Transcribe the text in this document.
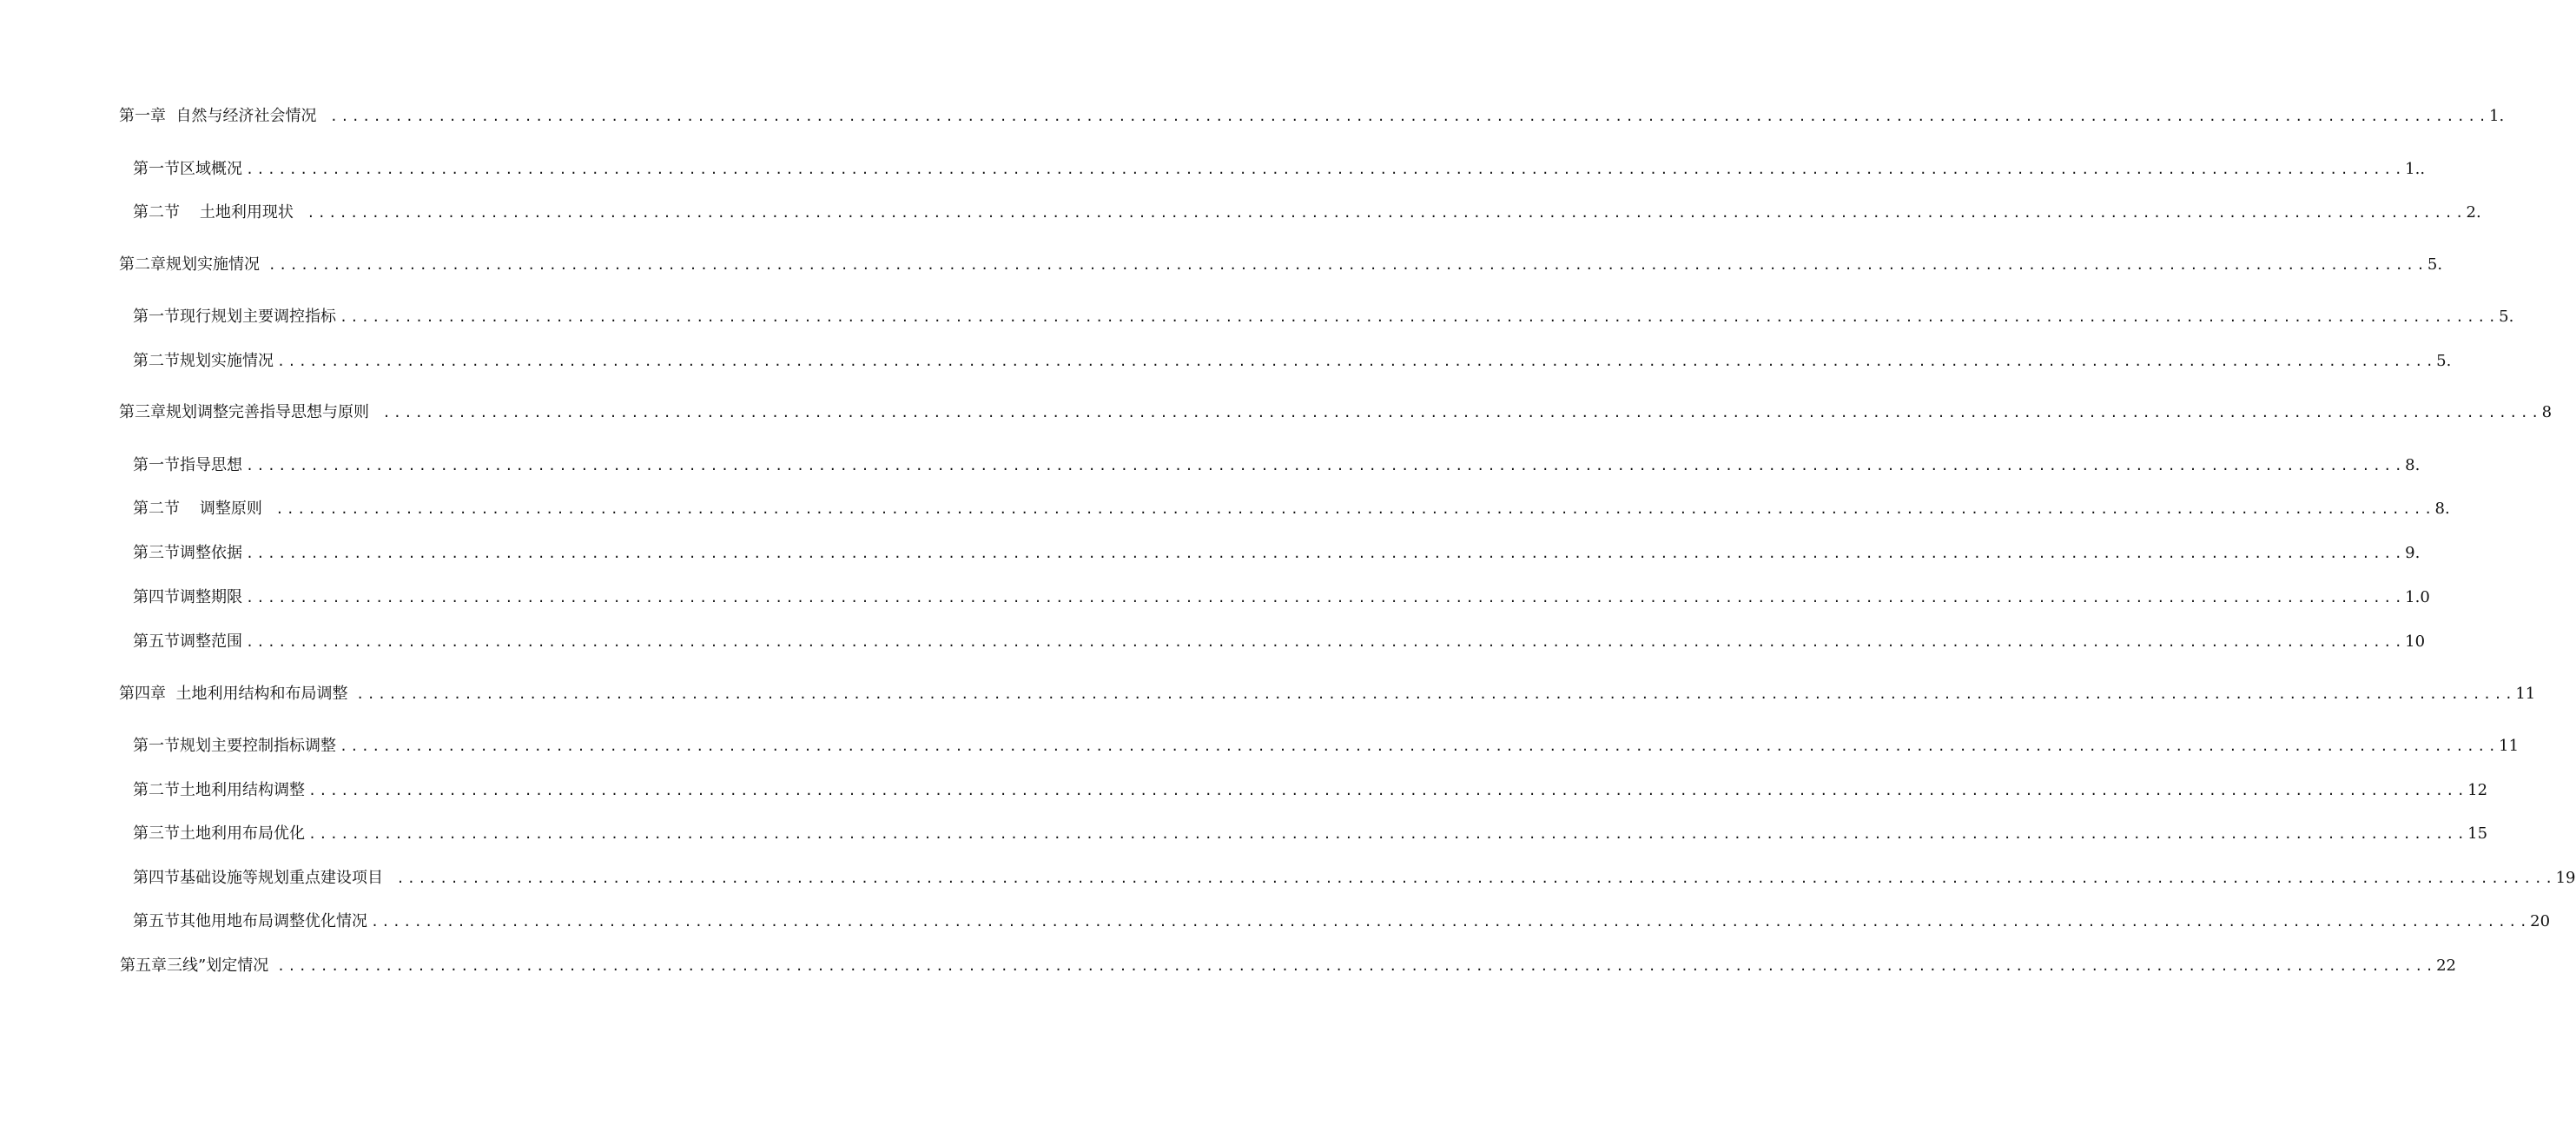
第一章  自然与经济社会情况 ........................................................................................................................................................................................................ 1.
第一节区域概况 ........................................................................................................................................................................................................ 1..
第二节    土地利用现状 ........................................................................................................................................................................................................ 2.
第二章规划实施情况 ........................................................................................................................................................................................................ 5.
第一节现行规划主要调控指标 ........................................................................................................................................................................................................ 5.
第二节规划实施情况 ........................................................................................................................................................................................................ 5.
第三章规划调整完善指导思想与原则 ........................................................................................................................................................................................................ 8
第一节指导思想 ........................................................................................................................................................................................................ 8.
第二节    调整原则 ........................................................................................................................................................................................................ 8.
第三节调整依据 ........................................................................................................................................................................................................ 9.
第四节调整期限 ........................................................................................................................................................................................................ 1.0
第五节调整范围 ........................................................................................................................................................................................................ 10
第四章  土地利用结构和布局调整 ........................................................................................................................................................................................................ 11
第一节规划主要控制指标调整 ........................................................................................................................................................................................................ 11
第二节土地利用结构调整 ........................................................................................................................................................................................................ 12
第三节土地利用布局优化 ........................................................................................................................................................................................................ 15
第四节基础设施等规划重点建设项目 ........................................................................................................................................................................................................ 19
第五节其他用地布局调整优化情况 ........................................................................................................................................................................................................ 20
第五章三线”划定情况 ........................................................................................................................................................................................................ 22
